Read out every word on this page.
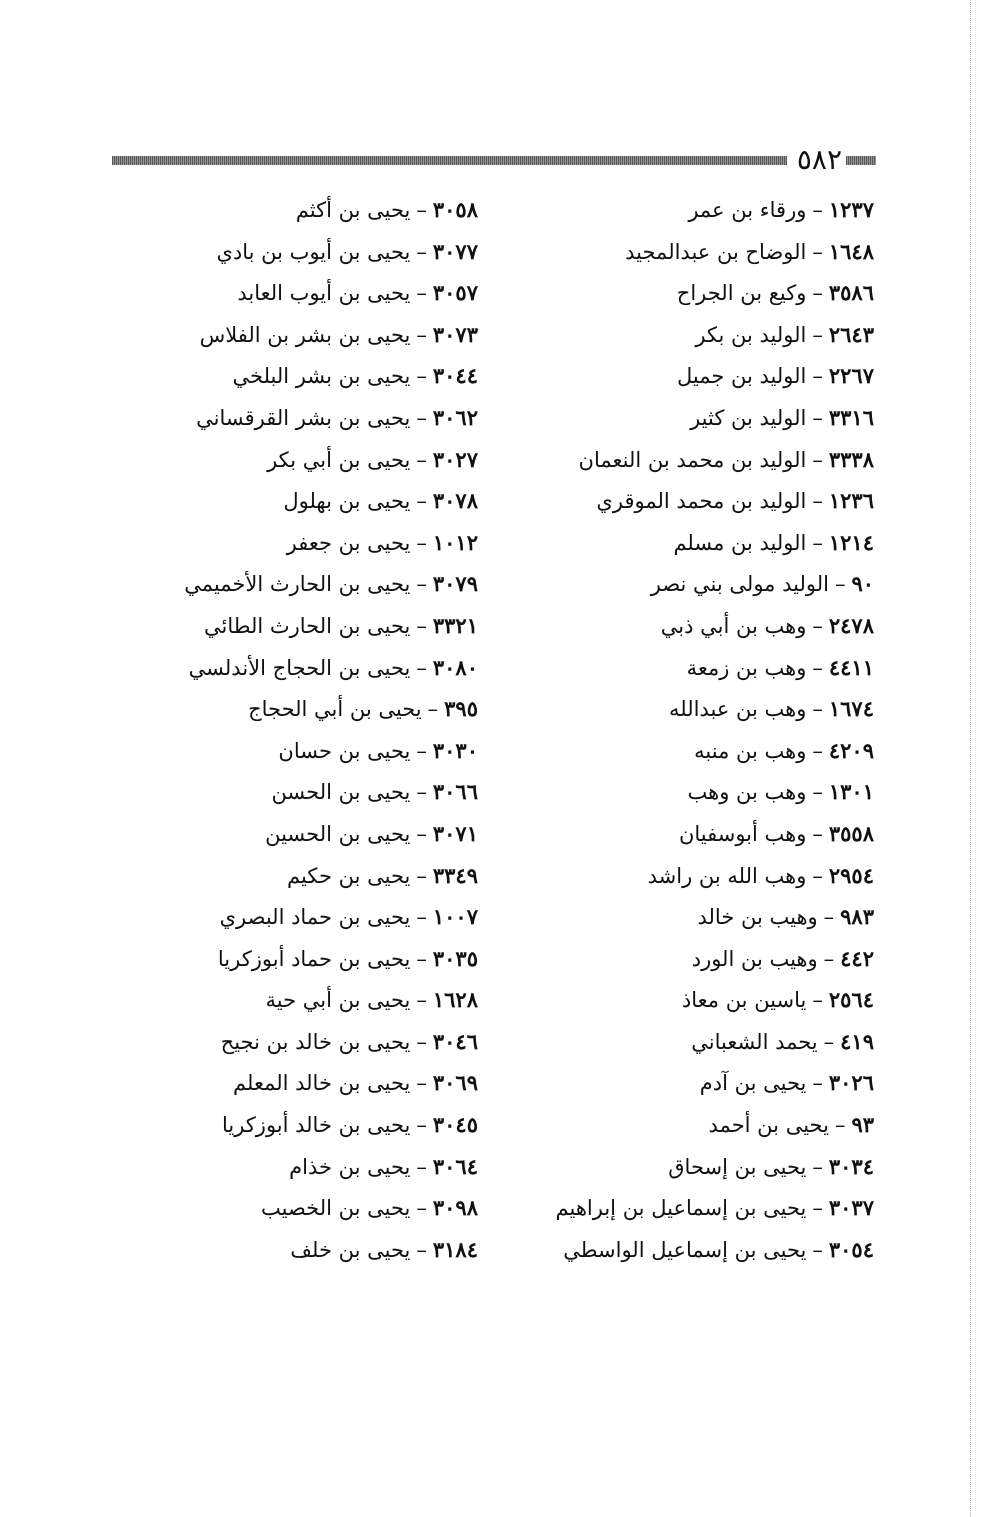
٥٨٢
١٢٣٧–ورقاء بن عمر
١٦٤٨–الوضاح بن عبدالمجيد
٣٥٨٦–وكيع بن الجراح
٢٦٤٣–الوليد بن بكر
٢٢٦٧–الوليد بن جميل
٣٣١٦–الوليد بن كثير
٣٣٣٨–الوليد بن محمد بن النعمان
١٢٣٦–الوليد بن محمد الموقري
١٢١٤–الوليد بن مسلم
٩٠–الوليد مولى بني نصر
٢٤٧٨–وهب بن أبي ذبي
٤٤١١–وهب بن زمعة
١٦٧٤–وهب بن عبدالله
٤٢٠٩–وهب بن منبه
١٣٠١–وهب بن وهب
٣٥٥٨–وهب أبوسفيان
٢٩٥٤–وهب الله بن راشد
٩٨٣–وهيب بن خالد
٤٤٢–وهيب بن الورد
٢٥٦٤–ياسين بن معاذ
٤١٩–يحمد الشعباني
٣٠٢٦–يحيى بن آدم
٩٣–يحيى بن أحمد
٣٠٣٤–يحيى بن إسحاق
٣٠٣٧–يحيى بن إسماعيل بن إبراهيم
٣٠٥٤–يحيى بن إسماعيل الواسطي
٣٠٥٨–يحيى بن أكثم
٣٠٧٧–يحيى بن أيوب بن بادي
٣٠٥٧–يحيى بن أيوب العابد
٣٠٧٣–يحيى بن بشر بن الفلاس
٣٠٤٤–يحيى بن بشر البلخي
٣٠٦٢–يحيى بن بشر القرقساني
٣٠٢٧–يحيى بن أبي بكر
٣٠٧٨–يحيى بن بهلول
١٠١٢–يحيى بن جعفر
٣٠٧٩–يحيى بن الحارث الأخميمي
٣٣٢١–يحيى بن الحارث الطائي
٣٠٨٠–يحيى بن الحجاج الأندلسي
٣٩٥–يحيى بن أبي الحجاج
٣٠٣٠–يحيى بن حسان
٣٠٦٦–يحيى بن الحسن
٣٠٧١–يحيى بن الحسين
٣٣٤٩–يحيى بن حكيم
١٠٠٧–يحيى بن حماد البصري
٣٠٣٥–يحيى بن حماد أبوزكريا
١٦٢٨–يحيى بن أبي حية
٣٠٤٦–يحيى بن خالد بن نجيح
٣٠٦٩–يحيى بن خالد المعلم
٣٠٤٥–يحيى بن خالد أبوزكريا
٣٠٦٤–يحيى بن خذام
٣٠٩٨–يحيى بن الخصيب
٣١٨٤–يحيى بن خلف
